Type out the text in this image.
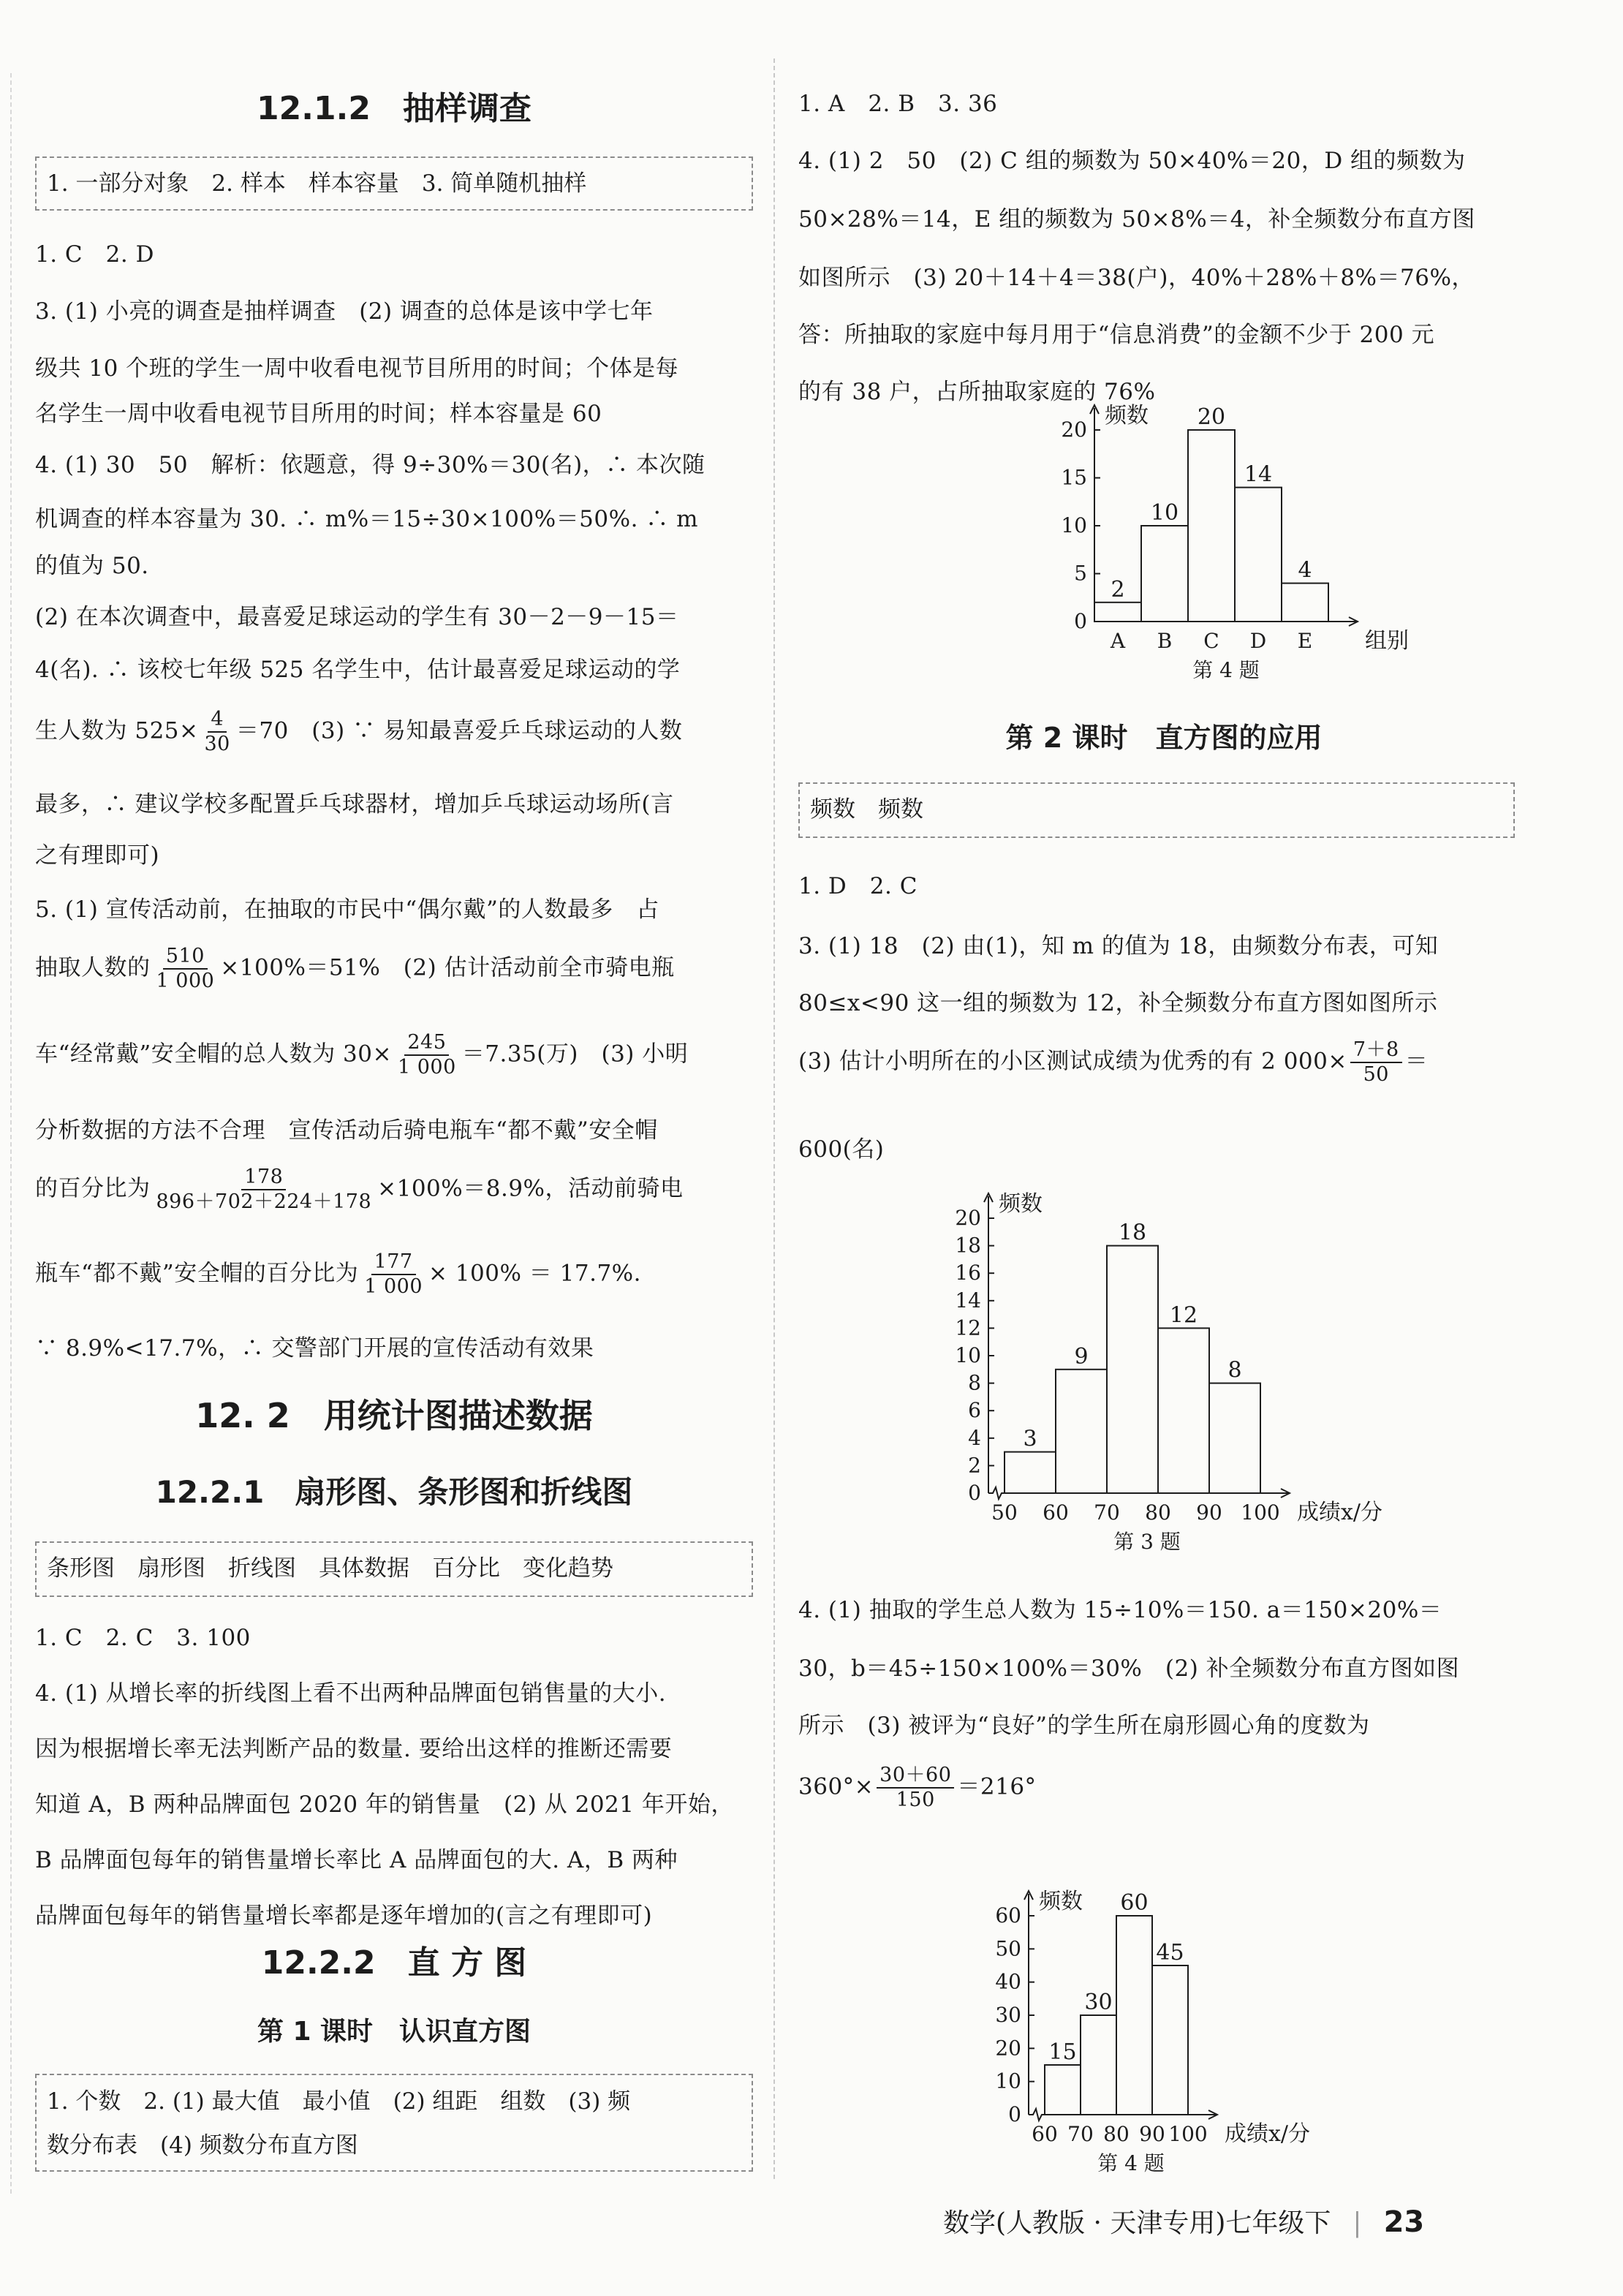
12.1.2　抽样调查
1. 一部分对象　2. 样本　样本容量　3. 简单随机抽样
1. C　2. D
3. (1) 小亮的调查是抽样调查　(2) 调查的总体是该中学七年
级共 10 个班的学生一周中收看电视节目所用的时间；个体是每
名学生一周中收看电视节目所用的时间；样本容量是 60
4. (1) 30　50　解析：依题意，得 9÷30%＝30(名)，∴ 本次随
机调查的样本容量为 30. ∴ m%＝15÷30×100%＝50%. ∴ m
的值为 50.
(2) 在本次调查中，最喜爱足球运动的学生有 30－2－9－15＝
4(名). ∴ 该校七年级 525 名学生中，估计最喜爱足球运动的学
生人数为 $525\times \frac{4}{30} =70$　(3) ∵ 易知最喜爱乒乓球运动的人数
最多，∴ 建议学校多配置乒乓球器材，增加乒乓球运动场所(言
之有理即可)
5. (1) 宣传活动前，在抽取的市民中“偶尔戴”的人数最多　占
抽取人数的 $\frac{510}{1 000} \times 100\%=51\%$　(2) 估计活动前全市骑电瓶
车“经常戴”安全帽的总人数为 $30\times \frac{245}{1 000} =7.35$(万)　(3) 小明
分析数据的方法不合理　宣传活动后骑电瓶车“都不戴”安全帽
的百分比为 $\frac{178}{896+702+224+178} \times 100\%=8.9\%$，活动前骑电
瓶车“都不戴”安全帽的百分比为 $\frac{177}{1 000} \times 100\% = 17.7\%$.
∵ 8.9%<17.7%，∴ 交警部门开展的宣传活动有效果
12. 2　用统计图描述数据
12.2.1　扇形图、条形图和折线图
条形图　扇形图　折线图　具体数据　百分比　变化趋势
1. C　2. C　3. 100
4. (1) 从增长率的折线图上看不出两种品牌面包销售量的大小.
因为根据增长率无法判断产品的数量. 要给出这样的推断还需要
知道 A，B 两种品牌面包 2020 年的销售量　(2) 从 2021 年开始，
B 品牌面包每年的销售量增长率比 A 品牌面包的大. A，B 两种
品牌面包每年的销售量增长率都是逐年增加的(言之有理即可)
12.2.2　直 方 图
第 1 课时　认识直方图
1. 个数　2. (1) 最大值　最小值　(2) 组距　组数　(3) 频
数分布表　(4) 频数分布直方图
1. A　2. B　3. 36
4. (1) 2　50　(2) C 组的频数为 50×40%＝20，D 组的频数为
50×28%＝14，E 组的频数为 50×8%＝4，补全频数分布直方图
如图所示　(3) 20＋14＋4＝38(户)，40%＋28%＋8%＝76%，
答：所抽取的家庭中每月用于“信息消费”的金额不少于 200 元
的有 38 户，占所抽取家庭的 76%
0
5
10
15
20
频数
2
10
20
14
4
A B C D E 组别
第 4 题
第 2 课时　直方图的应用
频数　频数
1. D　2. C
3. (1) 18　(2) 由(1)，知 m 的值为 18，由频数分布表，可知
80≤x<90 这一组的频数为 12，补全频数分布直方图如图所示
(3) 估计小明所在的小区测试成绩为优秀的有 2 $000\times \frac{7+8}{50}$ ＝
600(名)
0
2
4
6
8
10
12
14
16
18
20
频数
3
9
18
12
8
50 60 70 80 90 100 成绩x/分
第 3 题
4. (1) 抽取的学生总人数为 15÷10%＝150. a＝150×20%＝
30，b＝45÷150×100%＝30%　(2) 补全频数分布直方图如图
所示　(3) 被评为“良好”的学生所在扇形圆心角的度数为
$360^\circ\times \frac{30+60}{150} =216^\circ$
0
10
20
30
40
50
60
频数
15
30
60
45
60 70 80 90 100 成绩x/分
第 4 题
数学(人教版 · 天津专用)七年级下 | 23
